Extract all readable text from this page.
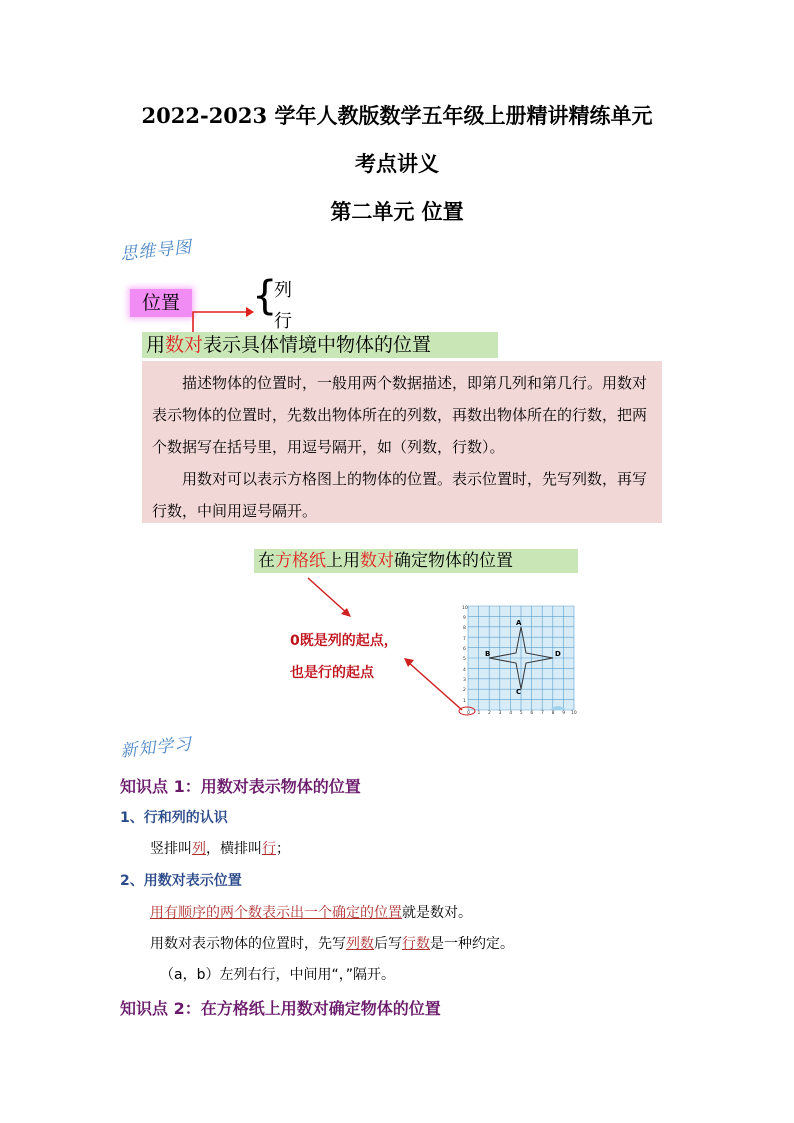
2022-2023 学年人教版数学五年级上册精讲精练单元
考点讲义
第二单元 位置
思维导图
位置	{
列
行
用数对表示具体情境中物体的位置

描述物体的位置时，一般用两个数据描述，即第几列和第几行。用数对表示物体的位置时，先数出物体所在的列数，再数出物体所在的行数，把两个数据写在括号里，用逗号隔开，如（列数，行数）。

用数对可以表示方格图上的物体的位置。表示位置时，先写列数，再写行数，中间用逗号隔开。

在方格纸上用数对确定物体的位置
0既是列的起点，
也是行的起点
10
9
8
7
6
5
4
3
2
1
0 1 2 3 4 5 6 7 8 9 10
A
B
C
D
新知学习
知识点 1：用数对表示物体的位置
1、行和列的认识
竖排叫列，横排叫行；
2、用数对表示位置
用有顺序的两个数表示出一个确定的位置就是数对。
用数对表示物体的位置时，先写列数后写行数是一种约定。
（a，b）左列右行，中间用“，”隔开。
知识点 2：在方格纸上用数对确定物体的位置
